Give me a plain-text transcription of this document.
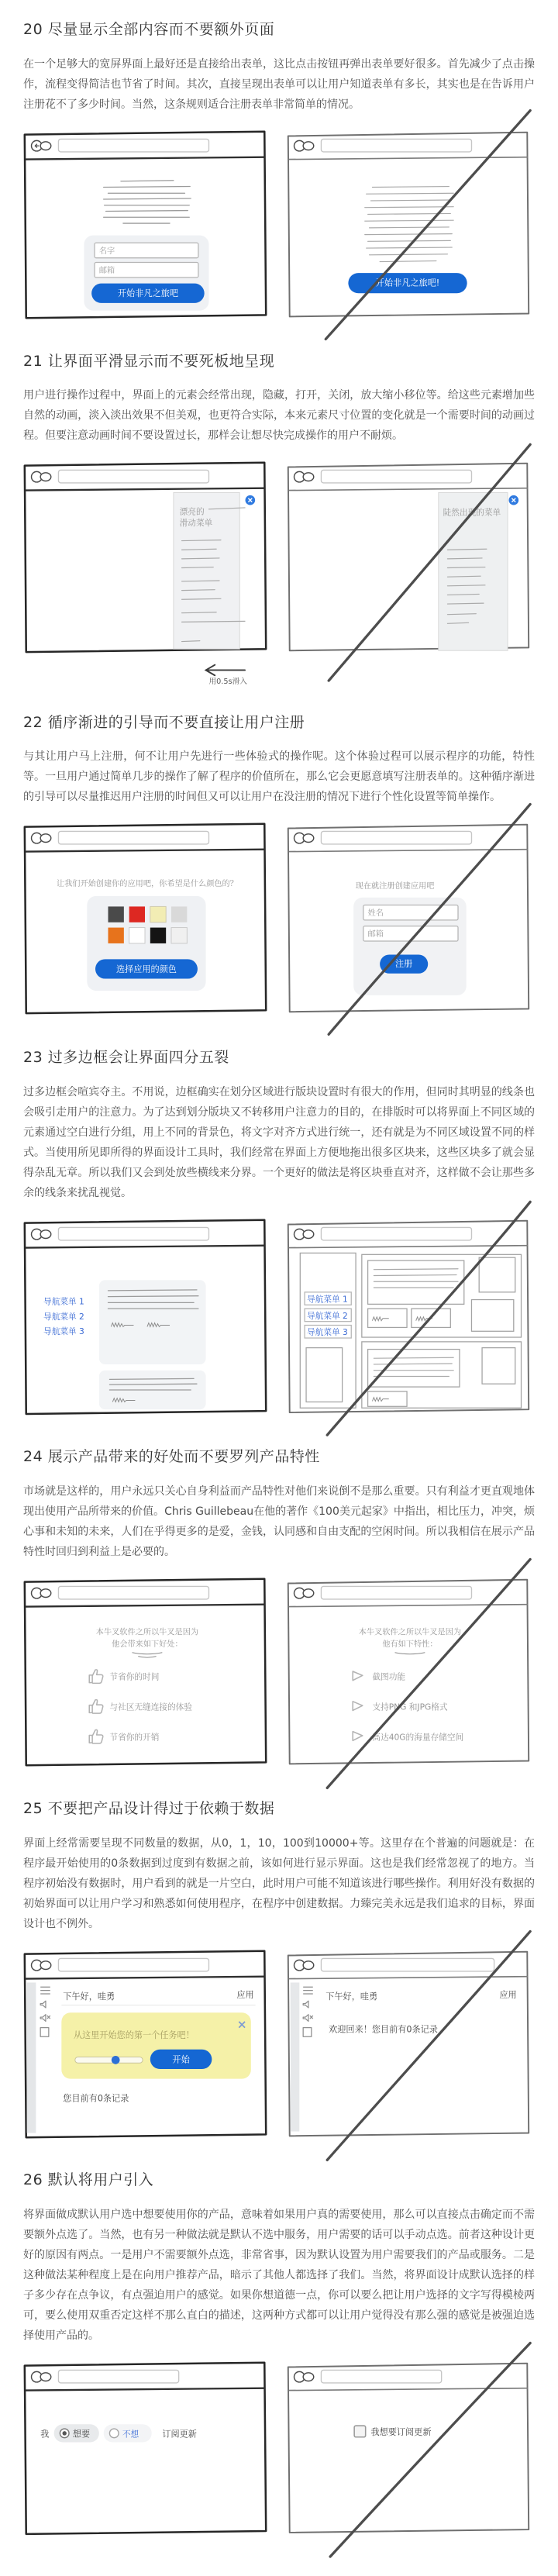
20 尽量显示全部内容而不要额外页面

在一个足够大的宽屏界面上最好还是直接给出表单，这比点击按钮再弹出表单要好很多。首先减少了点击操作，流程变得简洁也节省了时间。其次，直接呈现出表单可以让用户知道表单有多长，其实也是在告诉用户注册花不了多少时间。当然，这条规则适合注册表单非常简单的情况。

名字
邮箱
开始非凡之旅吧
开始非凡之旅吧!
21 让界面平滑显示而不要死板地呈现

用户进行操作过程中，界面上的元素会经常出现，隐藏，打开，关闭，放大缩小移位等。给这些元素增加些自然的动画，淡入淡出效果不但美观，也更符合实际，本来元素尺寸位置的变化就是一个需要时间的动画过程。但要注意动画时间不要设置过长，那样会让想尽快完成操作的用户不耐烦。

漂亮的
滑动菜单
用0.5s滑入
陡然出现的菜单
22 循序渐进的引导而不要直接让用户注册

与其让用户马上注册，何不让用户先进行一些体验式的操作呢。这个体验过程可以展示程序的功能，特性等。一旦用户通过简单几步的操作了解了程序的价值所在，那么它会更愿意填写注册表单的。这种循序渐进的引导可以尽量推迟用户注册的时间但又可以让用户在没注册的情况下进行个性化设置等简单操作。

让我们开始创建你的应用吧，你希望是什么颜色的？
选择应用的颜色
现在就注册创建应用吧
姓名
邮箱
注册
23 过多边框会让界面四分五裂

过多边框会喧宾夺主。不用说，边框确实在划分区域进行版块设置时有很大的作用，但同时其明显的线条也会吸引走用户的注意力。为了达到划分版块又不转移用户注意力的目的，在排版时可以将界面上不同区域的元素通过空白进行分组，用上不同的背景色，将文字对齐方式进行统一，还有就是为不同区域设置不同的样式。当使用所见即所得的界面设计工具时，我们经常在界面上方便地拖出很多区块来，这些区块多了就会显得杂乱无章。所以我们又会到处放些横线来分界。一个更好的做法是将区块垂直对齐，这样做不会让那些多余的线条来扰乱视觉。

导航菜单 1
导航菜单 2
导航菜单 3
导航菜单 1
导航菜单 2
导航菜单 3
24 展示产品带来的好处而不要罗列产品特性

市场就是这样的，用户永远只关心自身利益而产品特性对他们来说倒不是那么重要。只有利益才更直观地体现出使用产品所带来的价值。Chris Guillebeau在他的著作《100美元起家》中指出，相比压力，冲突，烦心事和未知的未来，人们在乎得更多的是爱，金钱，认同感和自由支配的空闲时间。所以我相信在展示产品特性时回归到利益上是必要的。

本牛叉软件之所以牛叉是因为
他会带来如下好处：
节省你的时间
与社区无缝连接的体验
节省你的开销
本牛叉软件之所以牛叉是因为
他有如下特性：
截图功能
支持PNG 和JPG格式
高达40G的海量存储空间
25 不要把产品设计得过于依赖于数据

界面上经常需要呈现不同数量的数据，从0，1，10，100到10000+等。这里存在个普遍的问题就是：在程序最开始使用的0条数据到过度到有数据之前，该如何进行显示界面。这也是我们经常忽视了的地方。当程序初始没有数据时，用户看到的就是一片空白，此时用户可能不知道该进行哪些操作。利用好没有数据的初始界面可以让用户学习和熟悉如何使用程序，在程序中创建数据。力臻完美永远是我们追求的目标，界面设计也不例外。

下午好，哇勇	应用
从这里开始您的第一个任务吧！
开始
您目前有0条记录
下午好，哇勇	应用
欢迎回来！您目前有0条记录
26 默认将用户引入

将界面做成默认用户选中想要使用你的产品，意味着如果用户真的需要使用，那么可以直接点击确定而不需要额外点选了。当然，也有另一种做法就是默认不选中服务，用户需要的话可以手动点选。前者这种设计更好的原因有两点。一是用户不需要额外点选，非常省事，因为默认设置为用户需要我们的产品或服务。二是这种做法某种程度上是在向用户推荐产品，暗示了其他人都选择了我们。当然，将界面设计成默认选择的样子多少存在点争议，有点强迫用户的感觉。如果你想道德一点，你可以要么把让用户选择的文字写得模棱两可，要么使用双重否定这样不那么直白的描述，这两种方式都可以让用户觉得没有那么强的感觉是被强迫选择使用产品的。

我	想要	不想	订阅更新	我想要订阅更新
